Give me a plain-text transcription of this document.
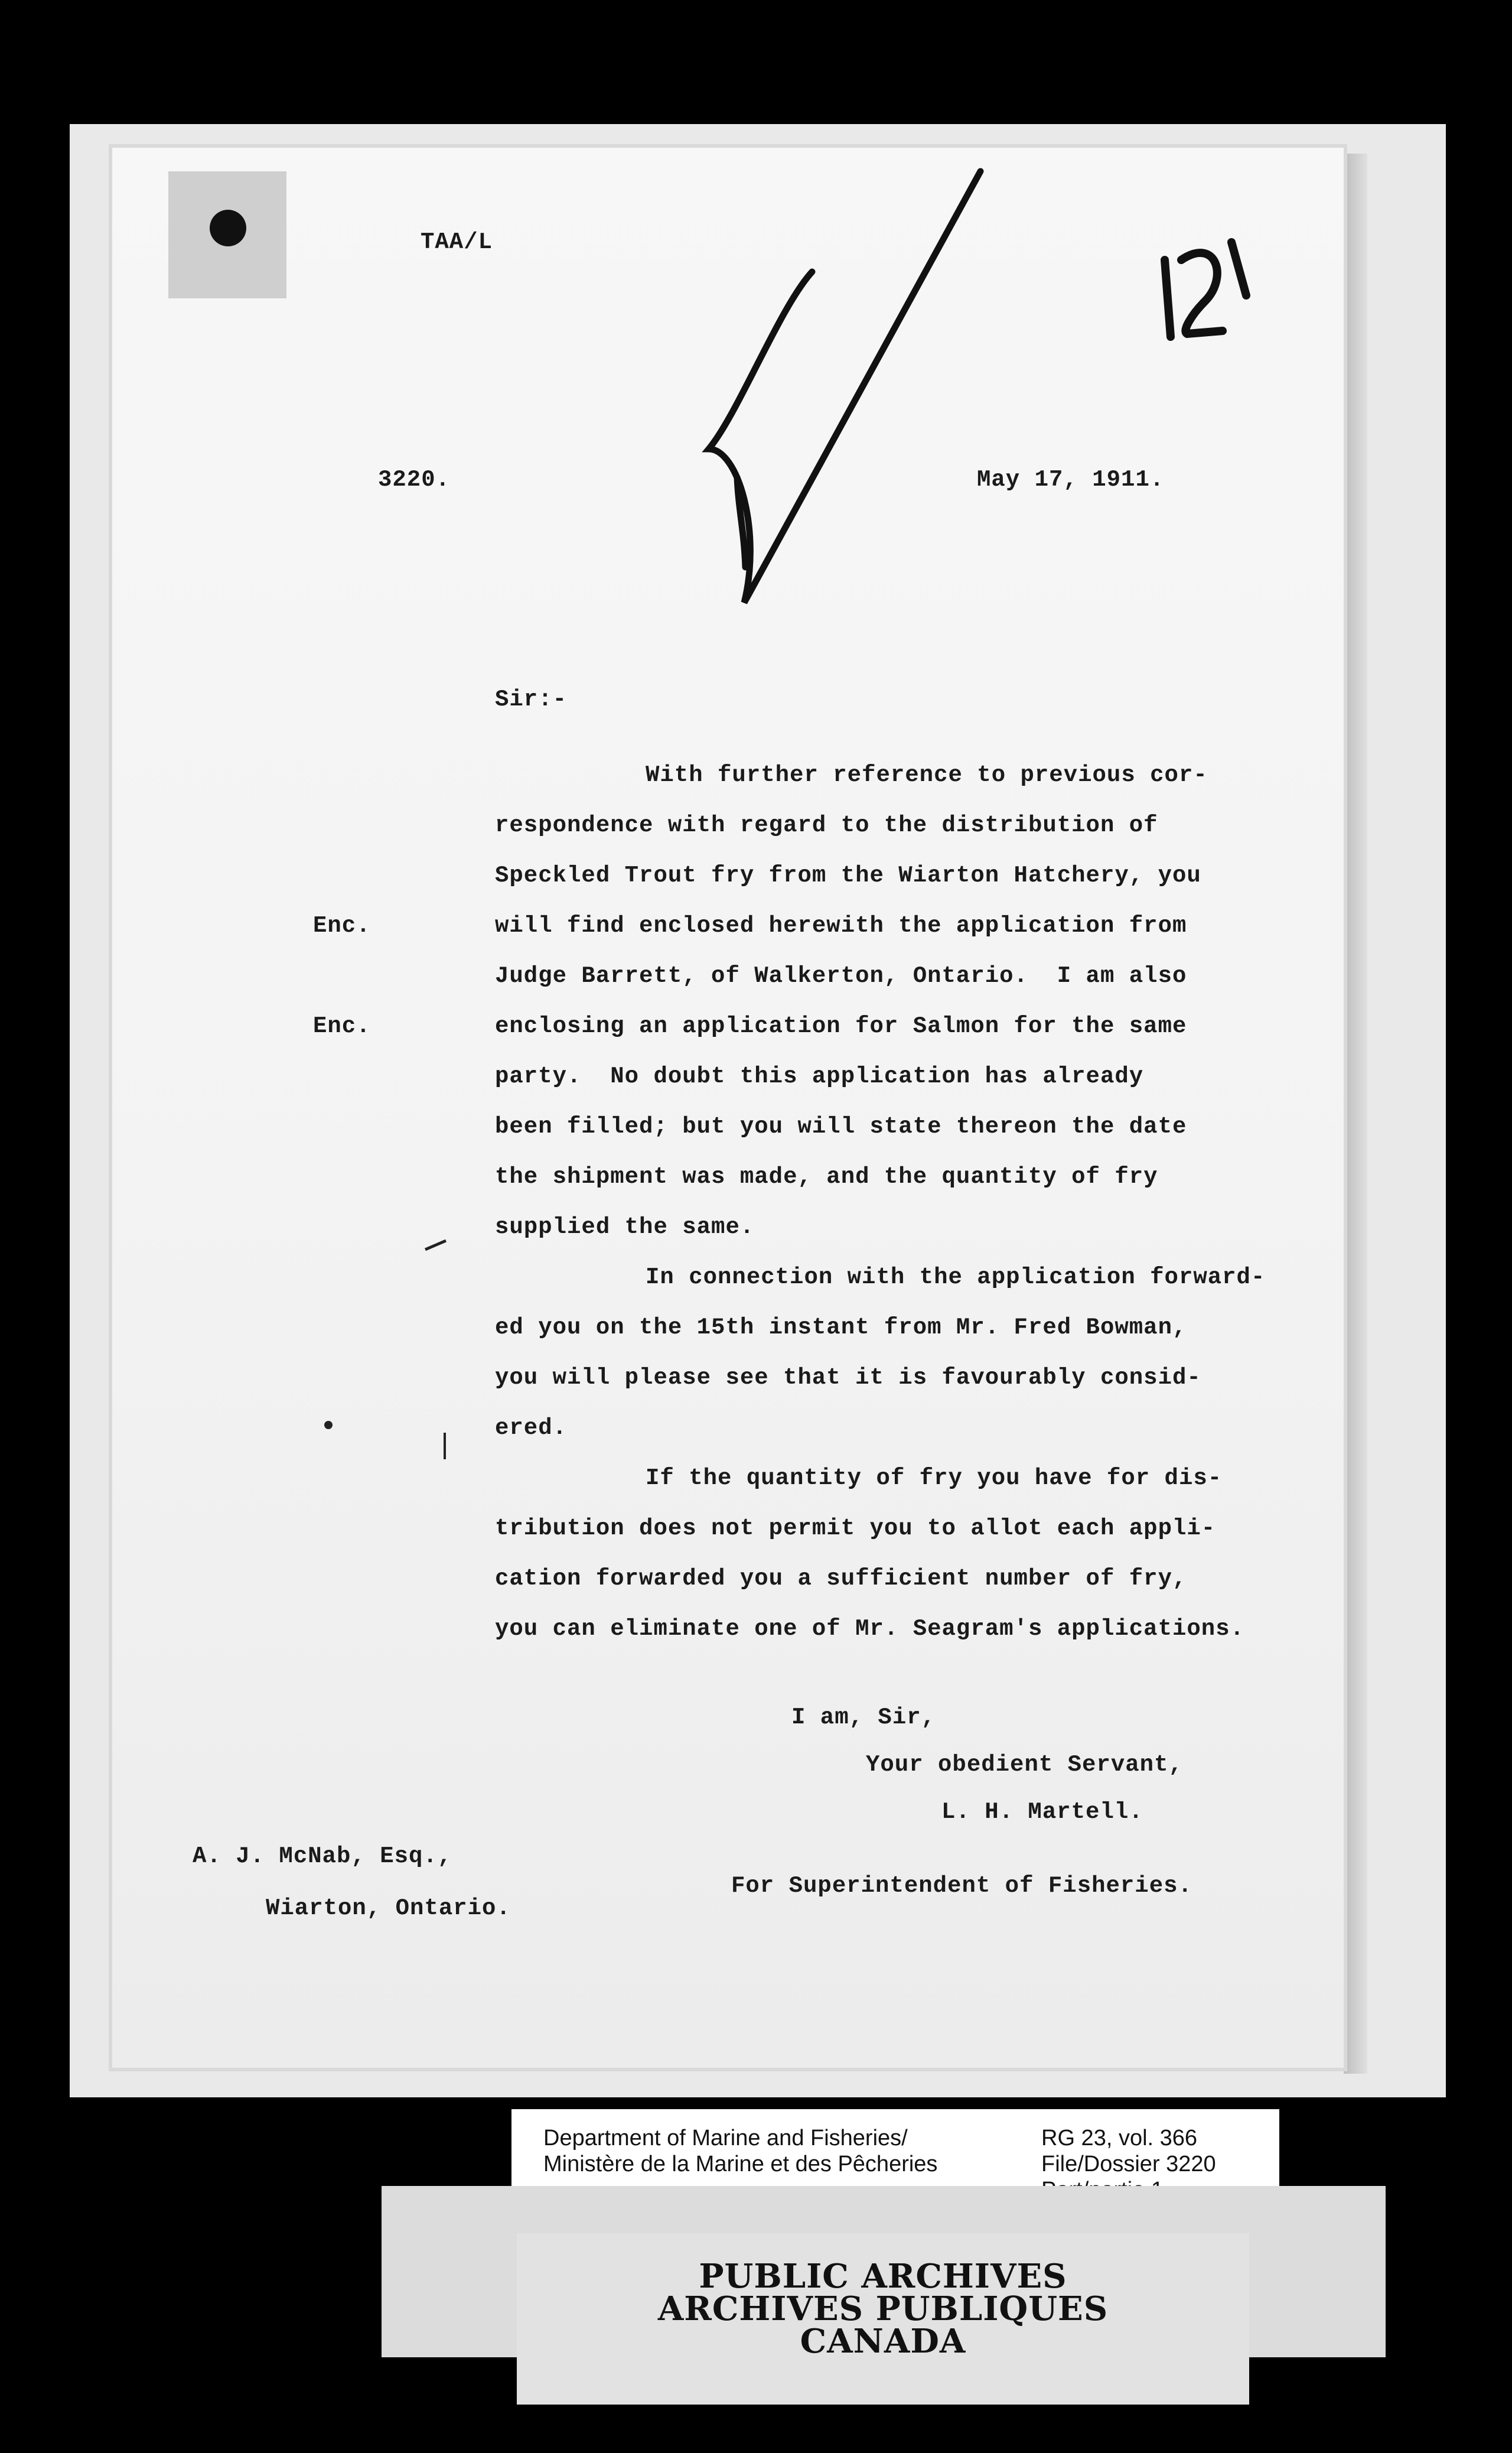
TAA/L
3220.	May 17, 1911.
Sir:-
With further reference to previous cor-
respondence with regard to the distribution of
Speckled Trout fry from the Wiarton Hatchery, you
will find enclosed herewith the application from
Judge Barrett, of Walkerton, Ontario.  I am also
enclosing an application for Salmon for the same
party.  No doubt this application has already
been filled; but you will state thereon the date
the shipment was made, and the quantity of fry
supplied the same.
Enc.
Enc.
In connection with the application forward-
ed you on the 15th instant from Mr. Fred Bowman,
you will please see that it is favourably consid-
ered.
If the quantity of fry you have for dis-
tribution does not permit you to allot each appli-
cation forwarded you a sufficient number of fry,
you can eliminate one of Mr. Seagram's applications.
I am, Sir,
Your obedient Servant,
L. H. Martell.
A. J. McNab, Esq.,
Wiarton, Ontario.
For Superintendent of Fisheries.
Department of Marine and Fisheries/
Ministère de la Marine et des Pêcheries
RG 23, vol. 366
File/Dossier 3220
PUBLIC ARCHIVES
ARCHIVES PUBLIQUES
CANADA
